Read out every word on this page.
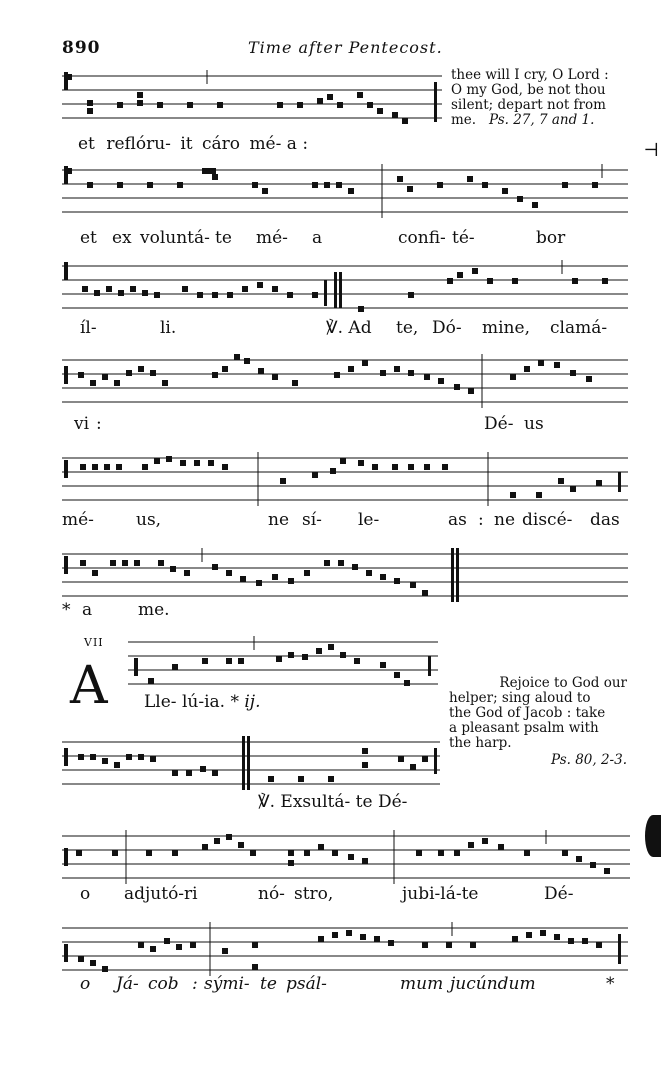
890	Time after Pentecost.
thee will I cry, O Lord :
O my God, be not thou
silent; depart not from
me. Ps. 27, 7 and 1.
et reflóru- it cáro mé- a :	⊣
et ex voluntá- te mé- a	confi- té-	bor
íl-	li.	℣. Ad te, Dó- mine, clamá-
vi :	Dé- us
mé- us,	ne sí- le-	as : ne discé- das
* a	me.
VII
A Lle- lú-ia. * ij.
Rejoice to God our
helper; sing aloud to
the God of Jacob : take
a pleasant psalm with
the harp.
Ps. 80, 2-3.
℣. Exsultá- te Dé-
o adjutó-ri	nó- stro,	jubi-lá-te	Dé-
o Já- cob : sými- te psál-	mum jucúndum	*
